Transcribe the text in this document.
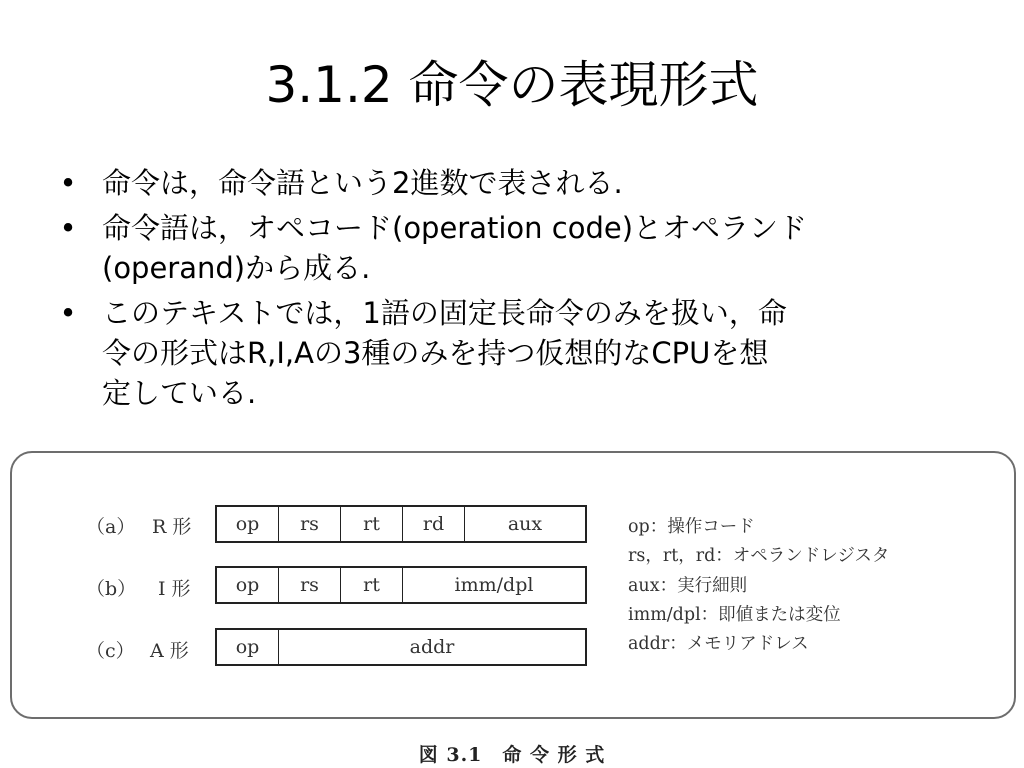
3.1.2 命令の表現形式
• 命令は，命令語という2進数で表される.
• 命令語は，オペコード(operation code)とオペランド
(operand)から成る.
• このテキストでは，1語の固定長命令のみを扱い，命
令の形式はR,I,Aの3種のみを持つ仮想的なCPUを想
定している.
（a） R 形	op	rs	rt	rd	aux
（b） I 形	op	rs	rt	imm/dpl
（c） A 形	op	addr
op：操作コード
rs，rt，rd：オペランドレジスタ
aux：実行細則
imm/dpl：即値または変位
addr：メモリアドレス
図 3.1　命 令 形 式
